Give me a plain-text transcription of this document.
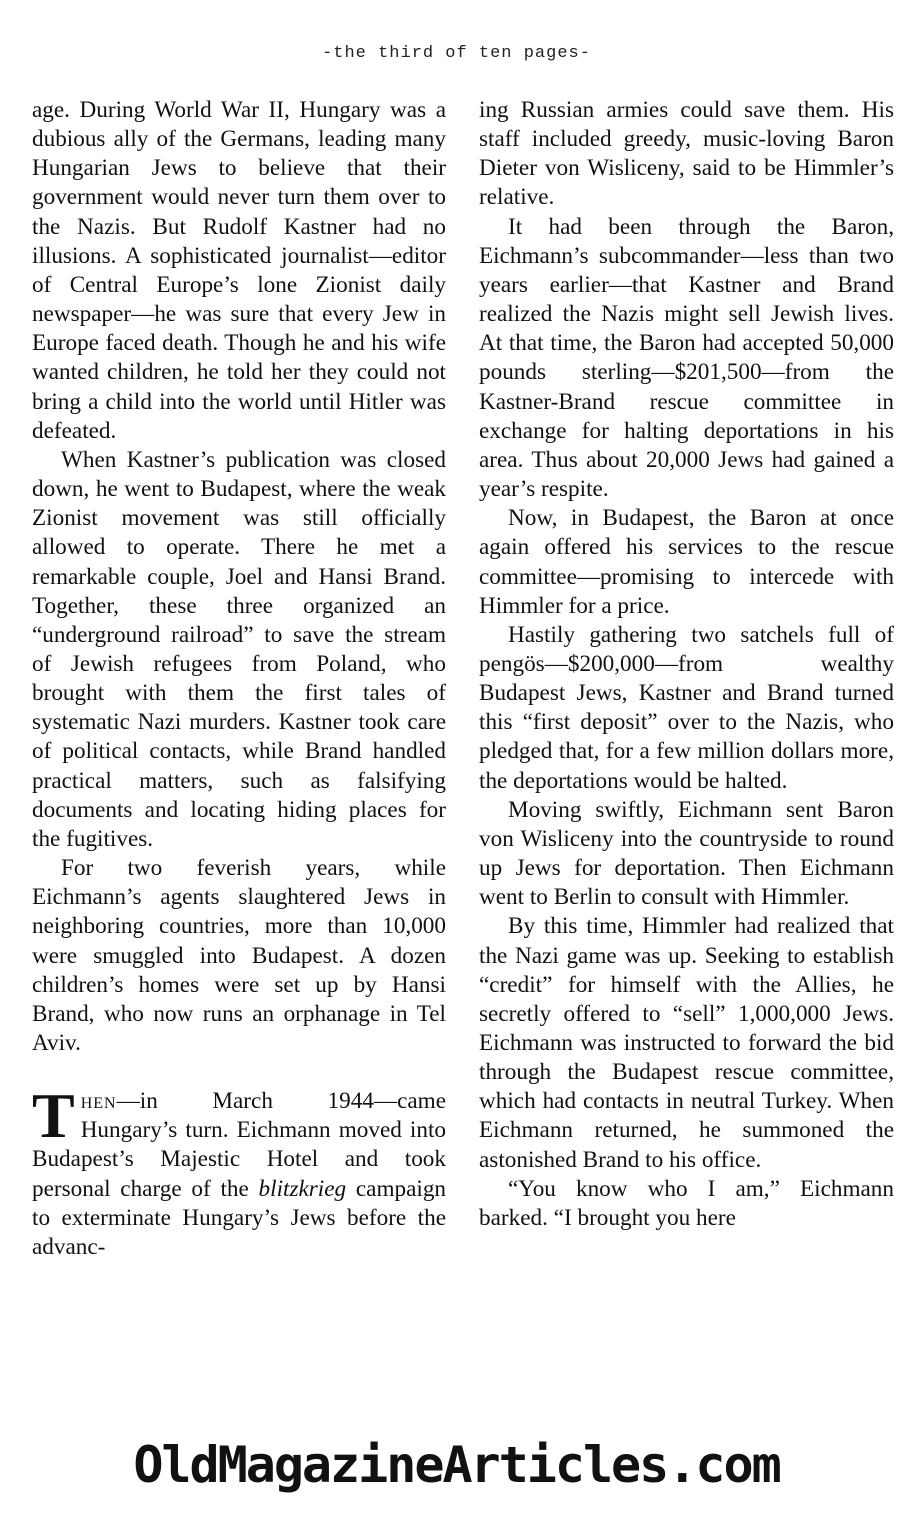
-the third of ten pages-

age. During World War II, Hungary was a dubious ally of the Germans, leading many Hungarian Jews to believe that their government would never turn them over to the Nazis. But Rudolf Kastner had no illusions. A sophisticated journalist—editor of Central Europe’s lone Zionist daily newspaper—he was sure that every Jew in Europe faced death. Though he and his wife wanted children, he told her they could not bring a child into the world until Hitler was defeated.

When Kastner’s publication was closed down, he went to Budapest, where the weak Zionist movement was still officially allowed to operate. There he met a remarkable couple, Joel and Hansi Brand. Together, these three organized an “underground railroad” to save the stream of Jewish refugees from Poland, who brought with them the first tales of systematic Nazi murders. Kastner took care of political contacts, while Brand handled practical matters, such as falsifying documents and locating hiding places for the fugitives.

For two feverish years, while Eichmann’s agents slaughtered Jews in neighboring countries, more than 10,000 were smuggled into Budapest. A dozen children’s homes were set up by Hansi Brand, who now runs an orphanage in Tel Aviv.

Then—in March 1944—came Hungary’s turn. Eichmann moved into Budapest’s Majestic Hotel and took personal charge of the blitzkrieg campaign to exterminate Hungary’s Jews before the advanc-

ing Russian armies could save them. His staff included greedy, music-loving Baron Dieter von Wisliceny, said to be Himmler’s relative.

It had been through the Baron, Eichmann’s subcommander—less than two years earlier—that Kastner and Brand realized the Nazis might sell Jewish lives. At that time, the Baron had accepted 50,000 pounds sterling—$201,500—from the Kastner-Brand rescue committee in exchange for halting deportations in his area. Thus about 20,000 Jews had gained a year’s respite.

Now, in Budapest, the Baron at once again offered his services to the rescue committee—promising to intercede with Himmler for a price.

Hastily gathering two satchels full of pengös—$200,000—from wealthy Budapest Jews, Kastner and Brand turned this “first deposit” over to the Nazis, who pledged that, for a few million dollars more, the deportations would be halted.

Moving swiftly, Eichmann sent Baron von Wisliceny into the countryside to round up Jews for deportation. Then Eichmann went to Berlin to consult with Himmler.

By this time, Himmler had realized that the Nazi game was up. Seeking to establish “credit” for himself with the Allies, he secretly offered to “sell” 1,000,000 Jews. Eichmann was instructed to forward the bid through the Budapest rescue committee, which had contacts in neutral Turkey. When Eichmann returned, he summoned the astonished Brand to his office.

“You know who I am,” Eichmann barked. “I brought you here

OldMagazineArticles.com
